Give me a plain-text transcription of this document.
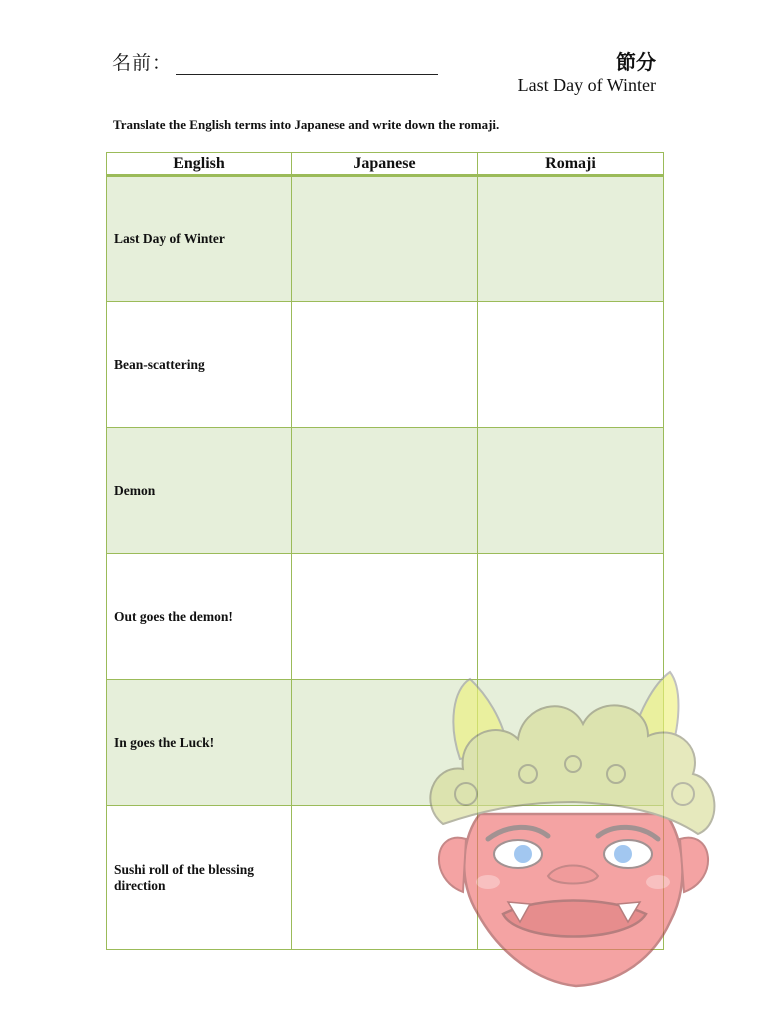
名前：	節分
Last Day of Winter
Translate the English terms into Japanese and write down the romaji.
English	Japanese	Romaji
Last Day of Winter		
Bean-scattering		
Demon		
Out goes the demon!		
In goes the Luck!		
Sushi roll of the blessing direction		
